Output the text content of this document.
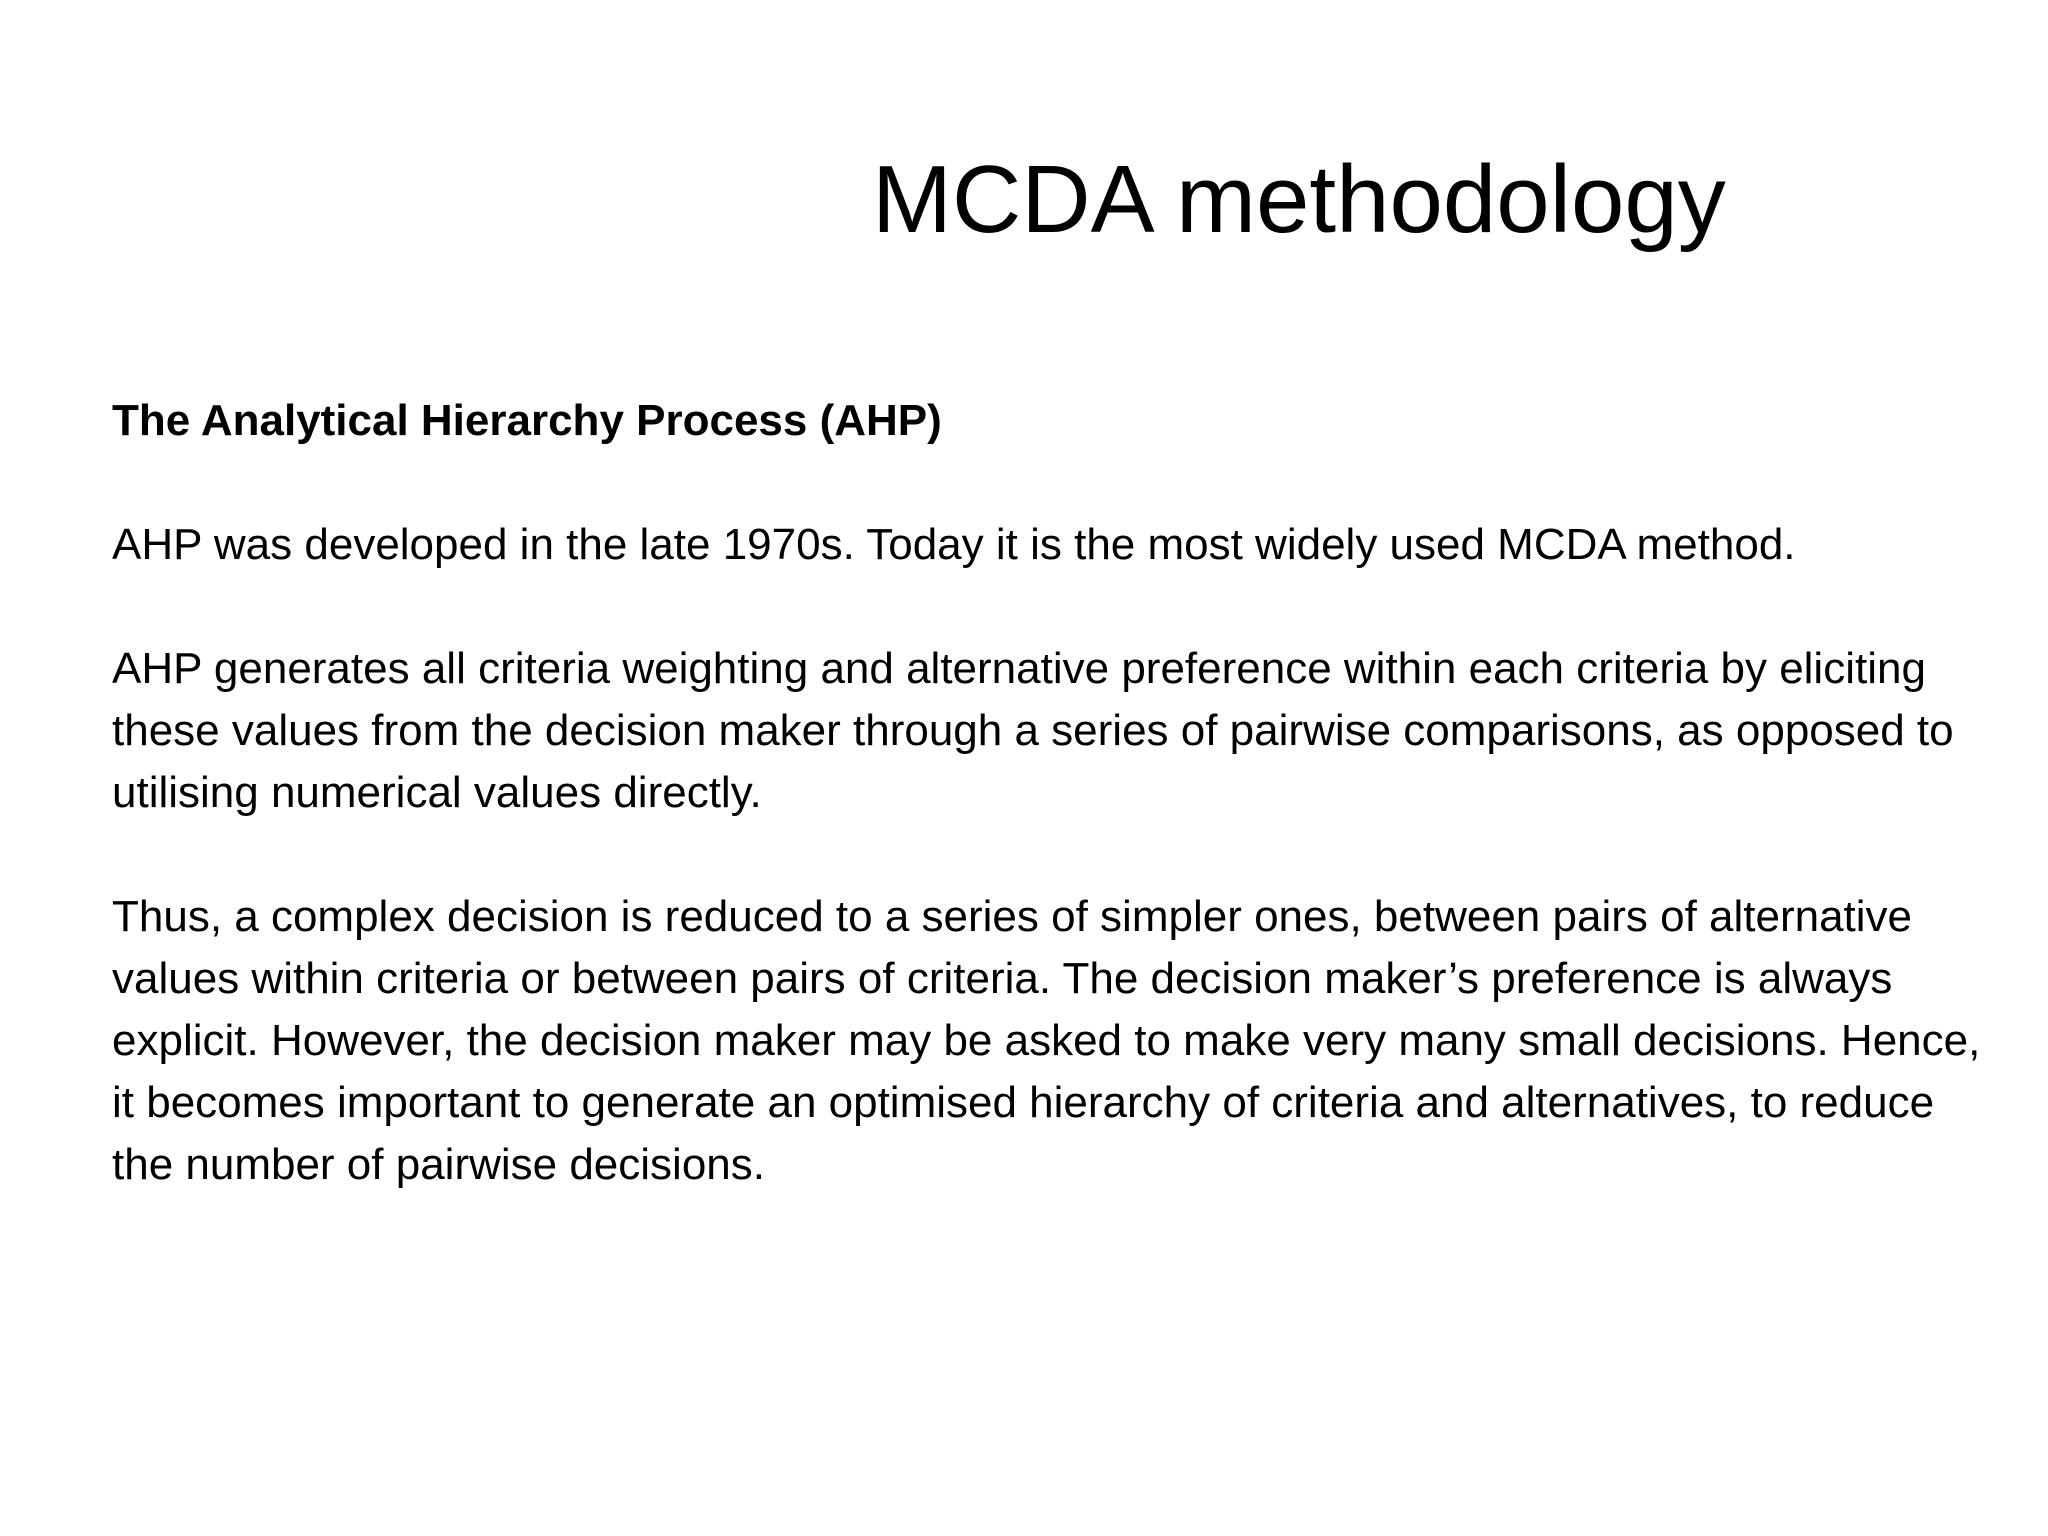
MCDA methodology

The Analytical Hierarchy Process (AHP)

AHP was developed in the late 1970s. Today it is the most widely used MCDA method.

AHP generates all criteria weighting and alternative preference within each criteria by eliciting these values from the decision maker through a series of pairwise comparisons, as opposed to utilising numerical values directly.

Thus, a complex decision is reduced to a series of simpler ones, between pairs of alternative values within criteria or between pairs of criteria. The decision maker’s preference is always explicit. However, the decision maker may be asked to make very many small decisions. Hence, it becomes important to generate an optimised hierarchy of criteria and alternatives, to reduce the number of pairwise decisions.
